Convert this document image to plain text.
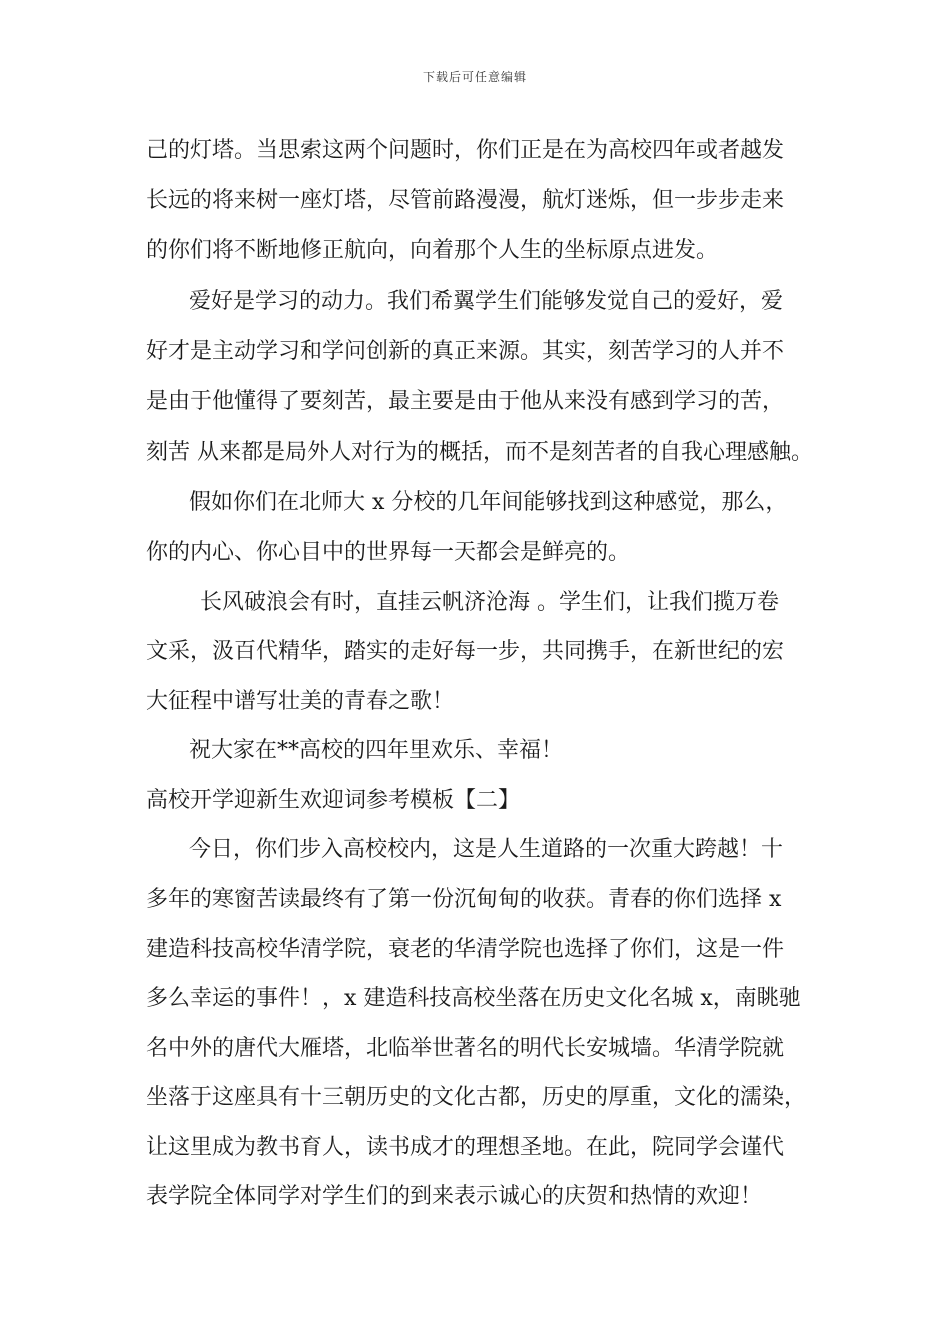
下载后可任意编辑
己的灯塔。当思索这两个问题时，你们正是在为高校四年或者越发
长远的将来树一座灯塔，尽管前路漫漫，航灯迷烁，但一步步走来
的你们将不断地修正航向，向着那个人生的坐标原点进发。
爱好是学习的动力。我们希翼学生们能够发觉自己的爱好，爱
好才是主动学习和学问创新的真正来源。其实，刻苦学习的人并不
是由于他懂得了要刻苦，最主要是由于他从来没有感到学习的苦，
刻苦 从来都是局外人对行为的概括，而不是刻苦者的自我心理感触。
假如你们在北师大 x 分校的几年间能够找到这种感觉，那么，
你的内心、你心目中的世界每一天都会是鲜亮的。
长风破浪会有时，直挂云帆济沧海 。学生们，让我们揽万卷
文采，汲百代精华，踏实的走好每一步，共同携手，在新世纪的宏
大征程中谱写壮美的青春之歌！
祝大家在**高校的四年里欢乐、幸福！
高校开学迎新生欢迎词参考模板【二】
今日，你们步入高校校内，这是人生道路的一次重大跨越！十
多年的寒窗苦读最终有了第一份沉甸甸的收获。青春的你们选择 x
建造科技高校华清学院，衰老的华清学院也选择了你们，这是一件
多么幸运的事件！，x 建造科技高校坐落在历史文化名城 x，南眺驰
名中外的唐代大雁塔，北临举世著名的明代长安城墙。华清学院就
坐落于这座具有十三朝历史的文化古都，历史的厚重，文化的濡染，
让这里成为教书育人，读书成才的理想圣地。在此，院同学会谨代
表学院全体同学对学生们的到来表示诚心的庆贺和热情的欢迎！
